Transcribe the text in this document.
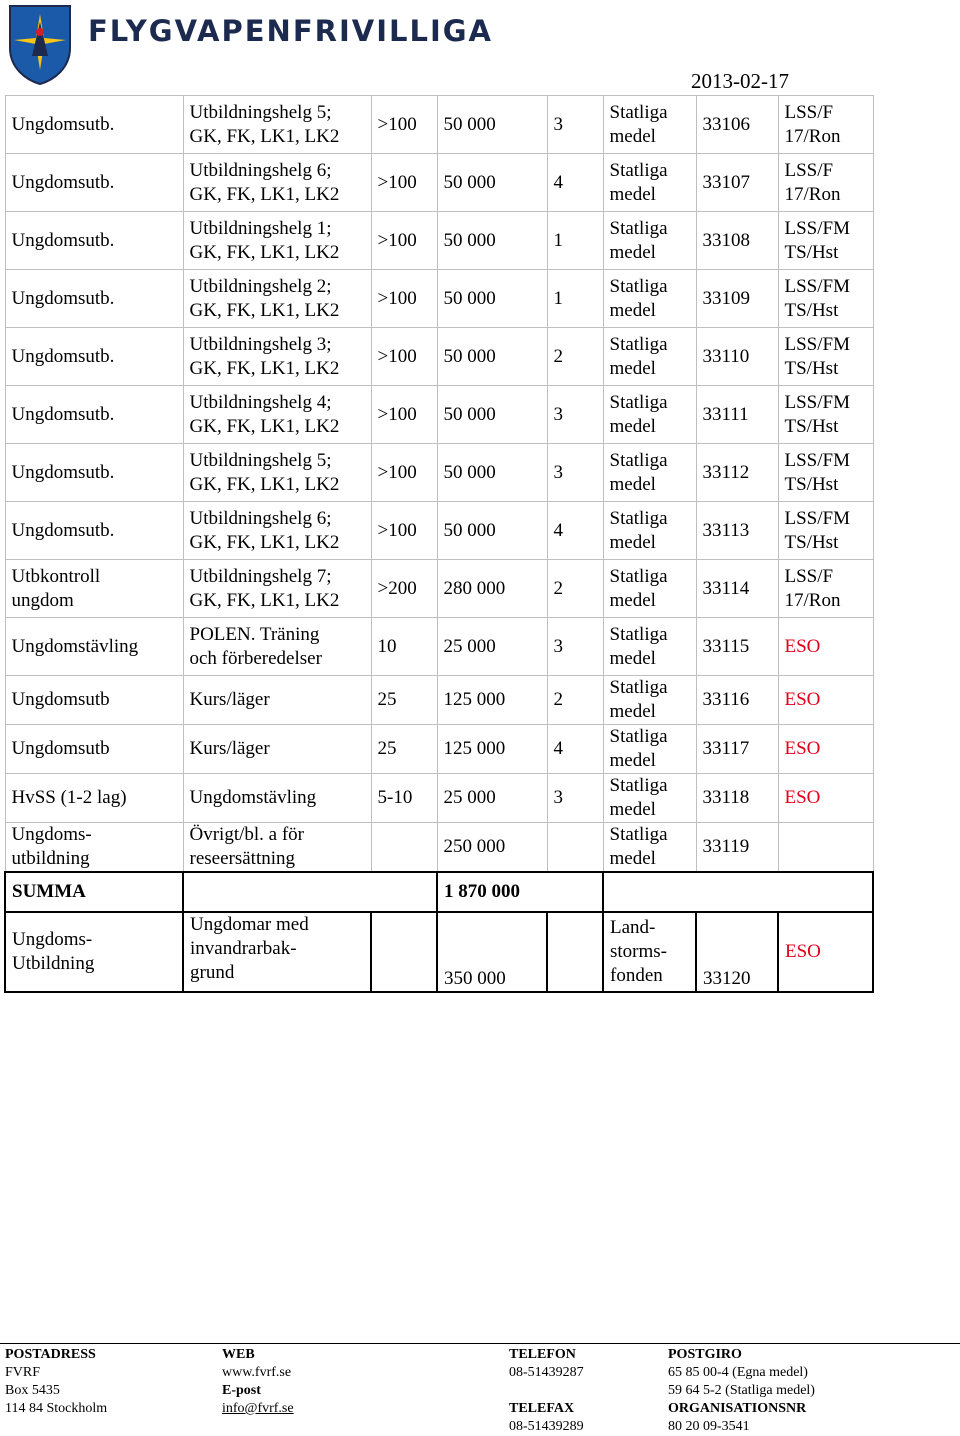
FLYGVAPENFRIVILLIGA
2013-02-17
Ungdomsutb.	Utbildningshelg 5;
GK, FK, LK1, LK2	>100	50 000	3	Statliga
medel	33106	LSS/F
17/Ron
Ungdomsutb.	Utbildningshelg 6;
GK, FK, LK1, LK2	>100	50 000	4	Statliga
medel	33107	LSS/F
17/Ron
Ungdomsutb.	Utbildningshelg 1;
GK, FK, LK1, LK2	>100	50 000	1	Statliga
medel	33108	LSS/FM
TS/Hst
Ungdomsutb.	Utbildningshelg 2;
GK, FK, LK1, LK2	>100	50 000	1	Statliga
medel	33109	LSS/FM
TS/Hst
Ungdomsutb.	Utbildningshelg 3;
GK, FK, LK1, LK2	>100	50 000	2	Statliga
medel	33110	LSS/FM
TS/Hst
Ungdomsutb.	Utbildningshelg 4;
GK, FK, LK1, LK2	>100	50 000	3	Statliga
medel	33111	LSS/FM
TS/Hst
Ungdomsutb.	Utbildningshelg 5;
GK, FK, LK1, LK2	>100	50 000	3	Statliga
medel	33112	LSS/FM
TS/Hst
Ungdomsutb.	Utbildningshelg 6;
GK, FK, LK1, LK2	>100	50 000	4	Statliga
medel	33113	LSS/FM
TS/Hst
Utbkontroll
ungdom	Utbildningshelg 7;
GK, FK, LK1, LK2	>200	280 000	2	Statliga
medel	33114	LSS/F
17/Ron
Ungdomstävling	POLEN. Träning
och förberedelser	10	25 000	3	Statliga
medel	33115	ESO
Ungdomsutb	Kurs/läger	25	125 000	2	Statliga
medel	33116	ESO
Ungdomsutb	Kurs/läger	25	125 000	4	Statliga
medel	33117	ESO
HvSS (1-2 lag)	Ungdomstävling	5-10	25 000	3	Statliga
medel	33118	ESO
Ungdoms-
utbildning	Övrigt/bl. a för
reseersättning		250 000		Statliga
medel	33119	
SUMMA			1 870 000				
Ungdoms-
Utbildning	Ungdomar med
invandrarbak-
grund		350 000		Land-
storms-
fonden	33120	ESO
POSTADRESS
FVRF
Box 5435
114 84 Stockholm
WEB
www.fvrf.se
E-post
info@fvrf.se
TELEFON
08-51439287

TELEFAX
08-51439289
POSTGIRO
65 85 00-4 (Egna medel)
59 64 5-2 (Statliga medel)
ORGANISATIONSNR
80 20 09-3541
